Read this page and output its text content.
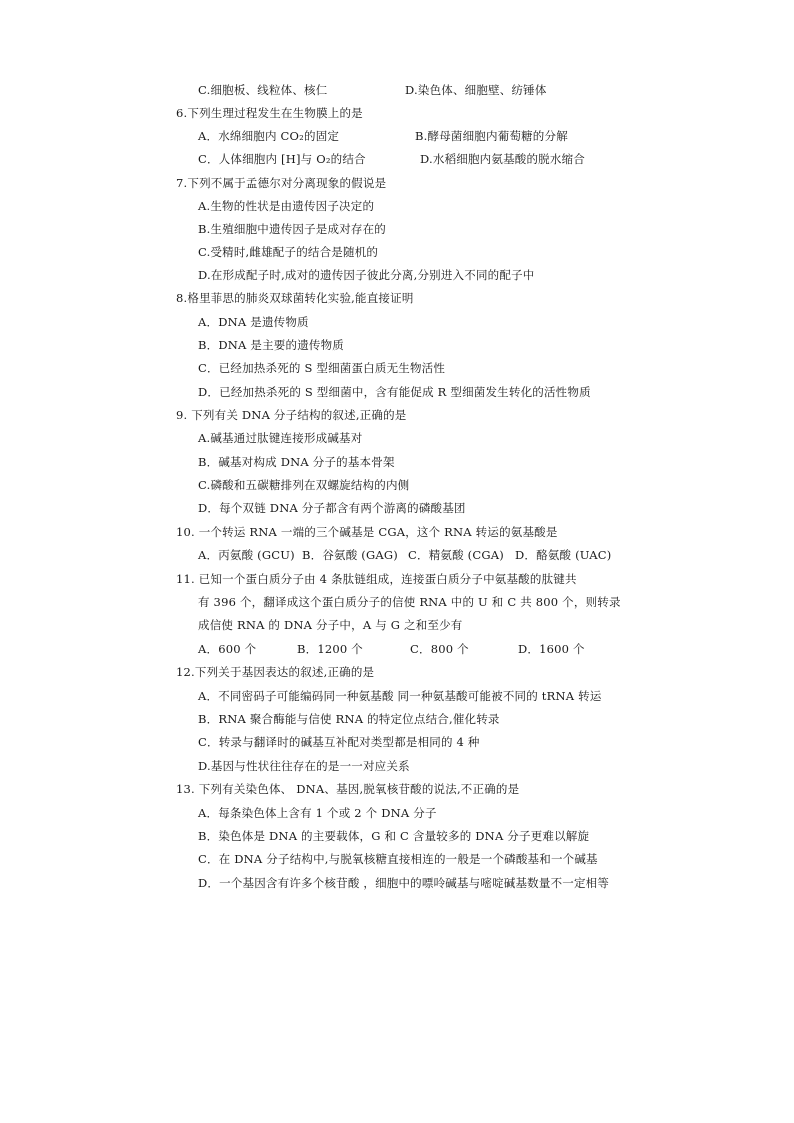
C.细胞板、线粒体、核仁	D.染色体、细胞壁、纺锤体
6.下列生理过程发生在生物膜上的是
A．水绵细胞内 CO₂的固定	B.酵母菌细胞内葡萄糖的分解
C．人体细胞内 [H]与 O₂的结合	D.水稻细胞内氨基酸的脱水缩合
7.下列不属于孟德尔对分离现象的假说是
A.生物的性状是由遗传因子决定的
B.生殖细胞中遗传因子是成对存在的
C.受精时,雌雄配子的结合是随机的
D.在形成配子时,成对的遗传因子彼此分离,分别进入不同的配子中
8.格里菲思的肺炎双球菌转化实验,能直接证明
A．DNA 是遗传物质
B．DNA 是主要的遗传物质
C．已经加热杀死的 S 型细菌蛋白质无生物活性
D．已经加热杀死的 S 型细菌中，含有能促成 R 型细菌发生转化的活性物质
9. 下列有关 DNA 分子结构的叙述,正确的是
A.碱基通过肽键连接形成碱基对
B．碱基对构成 DNA 分子的基本骨架
C.磷酸和五碳糖排列在双螺旋结构的内侧
D．每个双链 DNA 分子都含有两个游离的磷酸基团
10. 一个转运 RNA 一端的三个碱基是 CGA，这个 RNA 转运的氨基酸是
A．丙氨酸 (GCU) B．谷氨酸 (GAG) C．精氨酸 (CGA) D．酪氨酸 (UAC)
11. 已知一个蛋白质分子由 4 条肽链组成，连接蛋白质分子中氨基酸的肽键共
有 396 个，翻译成这个蛋白质分子的信使 RNA 中的 U 和 C 共 800 个，则转录
成信使 RNA 的 DNA 分子中，A 与 G 之和至少有
A．600 个	B．1200 个	C．800 个	D．1600 个
12.下列关于基因表达的叙述,正确的是
A．不同密码子可能编码同一种氨基酸 同一种氨基酸可能被不同的 tRNA 转运
B．RNA 聚合酶能与信使 RNA 的特定位点结合,催化转录
C．转录与翻译时的碱基互补配对类型都是相同的 4 种
D.基因与性状往往存在的是一一对应关系
13. 下列有关染色体、 DNA、基因,脱氧核苷酸的说法,不正确的是
A．每条染色体上含有 1 个或 2 个 DNA 分子
B．染色体是 DNA 的主要载体，G 和 C 含量较多的 DNA 分子更难以解旋
C．在 DNA 分子结构中,与脱氧核糖直接相连的一般是一个磷酸基和一个碱基
D．一个基因含有许多个核苷酸 ，细胞中的嘌呤碱基与嘧啶碱基数量不一定相等
